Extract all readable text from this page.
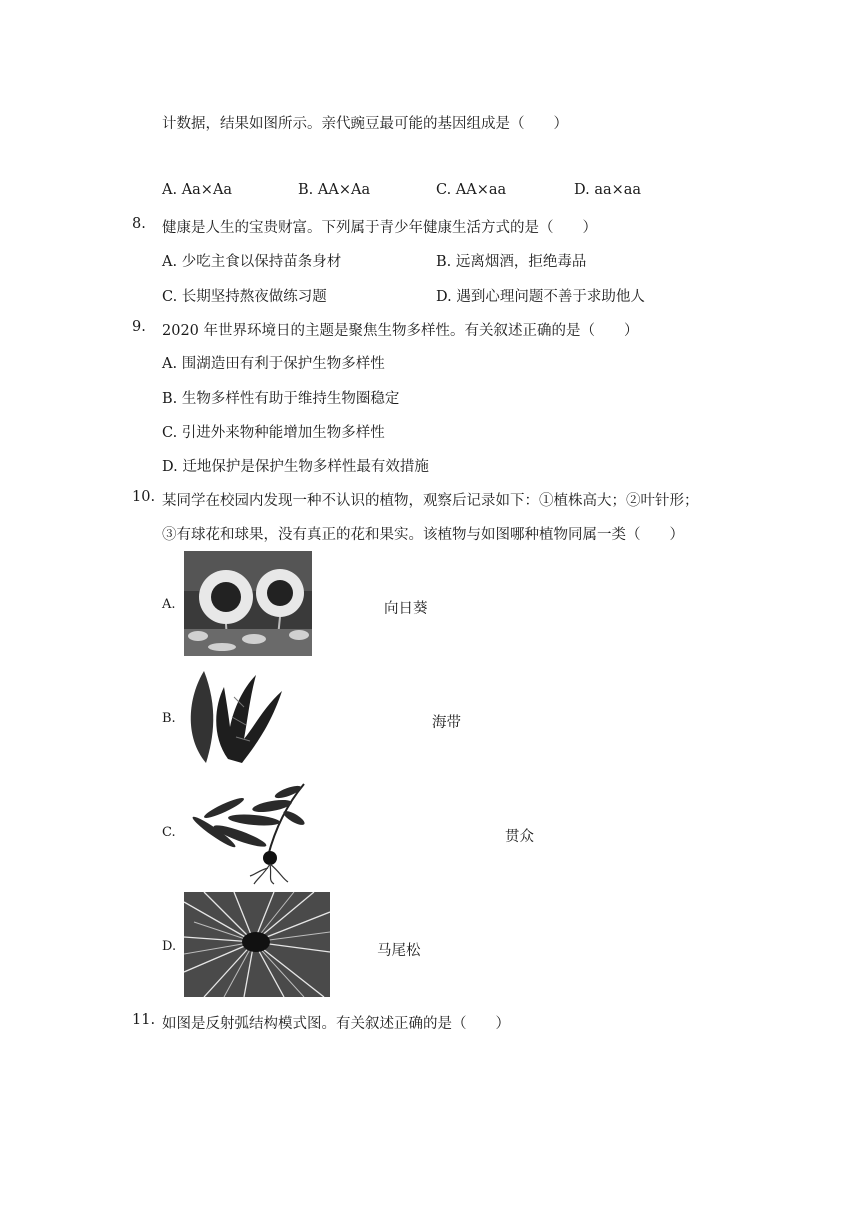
计数据，结果如图所示。亲代豌豆最可能的基因组成是（　　）
A. Aa×Aa	B. AA×Aa	C. AA×aa	D. aa×aa
8. 健康是人生的宝贵财富。下列属于青少年健康生活方式的是（　　）
A. 少吃主食以保持苗条身材	B. 远离烟酒，拒绝毒品
C. 长期坚持熬夜做练习题	D. 遇到心理问题不善于求助他人
9. 2020 年世界环境日的主题是聚焦生物多样性。有关叙述正确的是（　　）
A. 围湖造田有利于保护生物多样性
B. 生物多样性有助于维持生物圈稳定
C. 引进外来物种能增加生物多样性
D. 迁地保护是保护生物多样性最有效措施
10. 某同学在校园内发现一种不认识的植物，观察后记录如下：①植株高大；②叶针形；
③有球花和球果，没有真正的花和果实。该植物与如图哪种植物同属一类（　　）
A.	向日葵
B.	海带
C.	贯众
D.	马尾松
11. 如图是反射弧结构模式图。有关叙述正确的是（　　）
